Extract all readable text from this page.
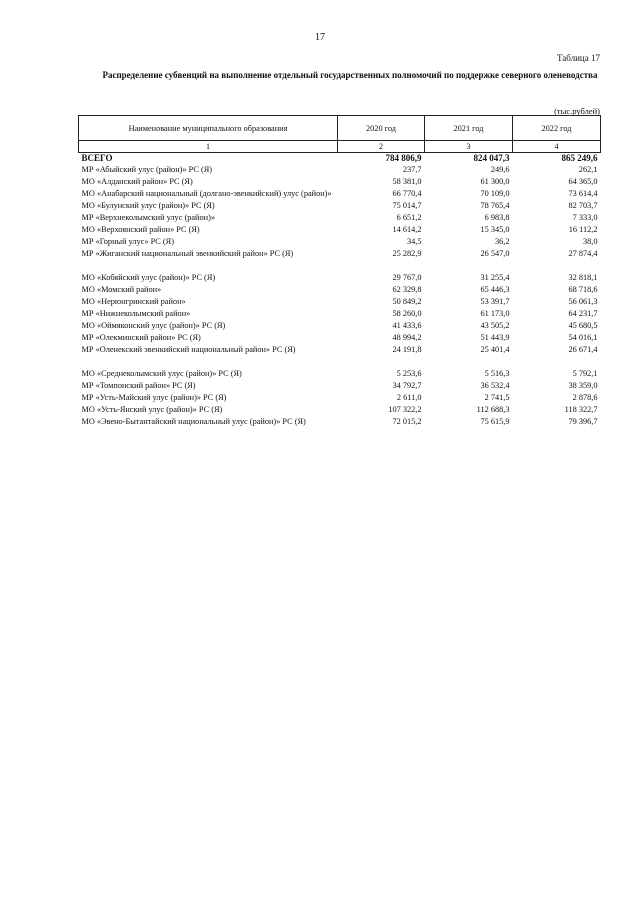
17
Таблица 17
Распределение субвенций на выполнение отдельный государственных полномочий по поддержке северного оленеводства
(тыс.рублей)
Наименование муниципального образования	2020 год	2021 год	2022 год
1	2	3	4
ВСЕГО	784 806,9	824 047,3	865 249,6
МР «Абыйский улус (район)» РС (Я)	237,7	249,6	262,1
МО «Алданский район» РС (Я)	58 381,0	61 300,0	64 365,0
МО «Анабарский национальный (долгано-эвенкийский) улус (район)»	66 770,4	70 109,0	73 614,4
МО «Булунский улус (район)» РС (Я)	75 014,7	78 765,4	82 703,7
МР «Верхнеколымский улус (район)»	6 651,2	6 983,8	7 333,0
МО «Верхоянский район» РС (Я)	14 614,2	15 345,0	16 112,2
МР «Горный улус» РС (Я)	34,5	36,2	38,0
МР «Жиганский национальный эвенкийский район» РС (Я)	25 282,9	26 547,0	27 874,4

МО «Кобяйский улус (район)» РС (Я)	29 767,0	31 255,4	32 818,1
МО «Момский район»	62 329,8	65 446,3	68 718,6
МО «Нерюнгринский район»	50 849,2	53 391,7	56 061,3
МР «Нижнеколымский район»	58 260,0	61 173,0	64 231,7
МО «Оймяконский улус (район)» РС (Я)	41 433,6	43 505,2	45 680,5
МР «Олекминский район» РС (Я)	48 994,2	51 443,9	54 016,1
МР «Оленекский эвенкийский национальный район» РС (Я)	24 191,8	25 401,4	26 671,4

МО «Среднеколымский улус (район)» РС (Я)	5 253,6	5 516,3	5 792,1
МР «Томпонский район» РС (Я)	34 792,7	36 532,4	38 359,0
МР «Усть-Майский улус (район)» РС (Я)	2 611,0	2 741,5	2 878,6
МО «Усть-Янский улус (район)» РС (Я)	107 322,2	112 688,3	118 322,7
МО «Эвено-Бытантайский национальный улус (район)» РС (Я)	72 015,2	75 615,9	79 396,7
